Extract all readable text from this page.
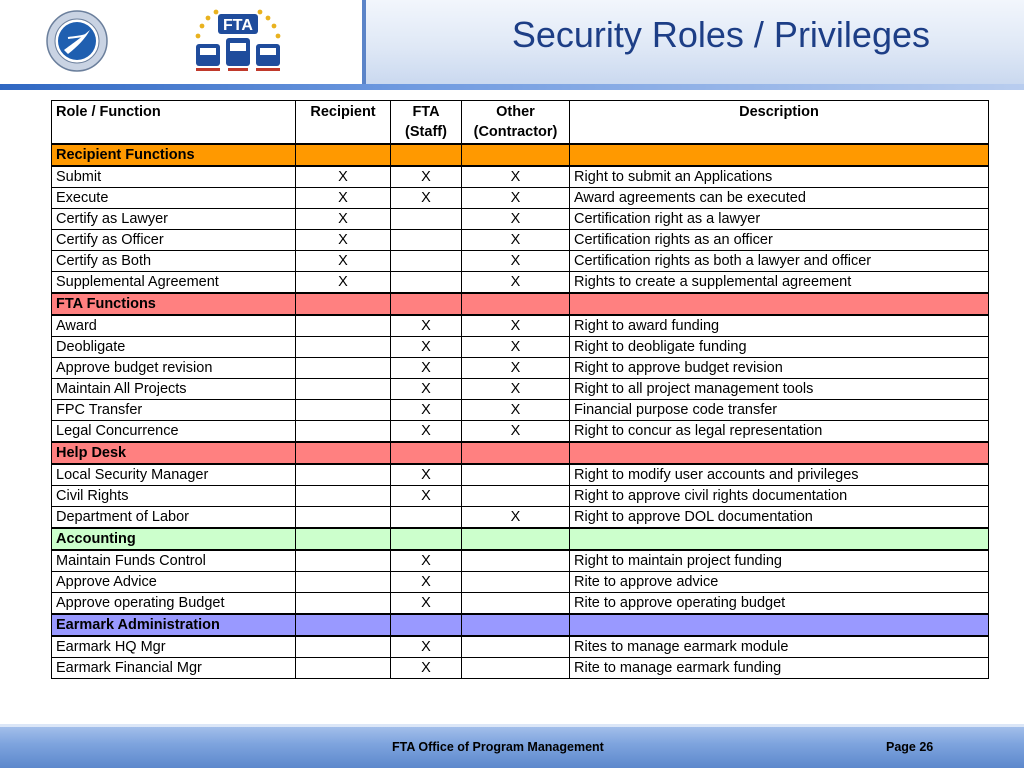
FTA	Security Roles / Privileges
Role / Function	Recipient	FTA (Staff)	Other (Contractor)	Description
Recipient Functions				
Submit	X	X	X	Right to submit an Applications
Execute	X	X	X	Award agreements can be executed
Certify as Lawyer	X		X	Certification right as a lawyer
Certify as Officer	X		X	Certification rights as an officer
Certify as Both	X		X	Certification rights as both a lawyer and officer
Supplemental Agreement	X		X	Rights to create a supplemental agreement
FTA Functions				
Award		X	X	Right to award funding
Deobligate		X	X	Right to deobligate funding
Approve budget revision		X	X	Right to approve budget revision
Maintain All Projects		X	X	Right to all project management tools
FPC Transfer		X	X	Financial purpose code transfer
Legal Concurrence		X	X	Right to concur as legal representation
Help Desk				
Local Security Manager		X		Right to modify user accounts and privileges
Civil Rights		X		Right to approve civil rights documentation
Department of Labor			X	Right to approve DOL documentation
Accounting				
Maintain Funds Control		X		Right to maintain project funding
Approve Advice		X		Rite to approve advice
Approve operating Budget		X		Rite to approve operating budget
Earmark Administration				
Earmark HQ Mgr		X		Rites to manage earmark module
Earmark Financial Mgr		X		Rite to manage earmark funding
FTA Office of Program Management	Page 26
